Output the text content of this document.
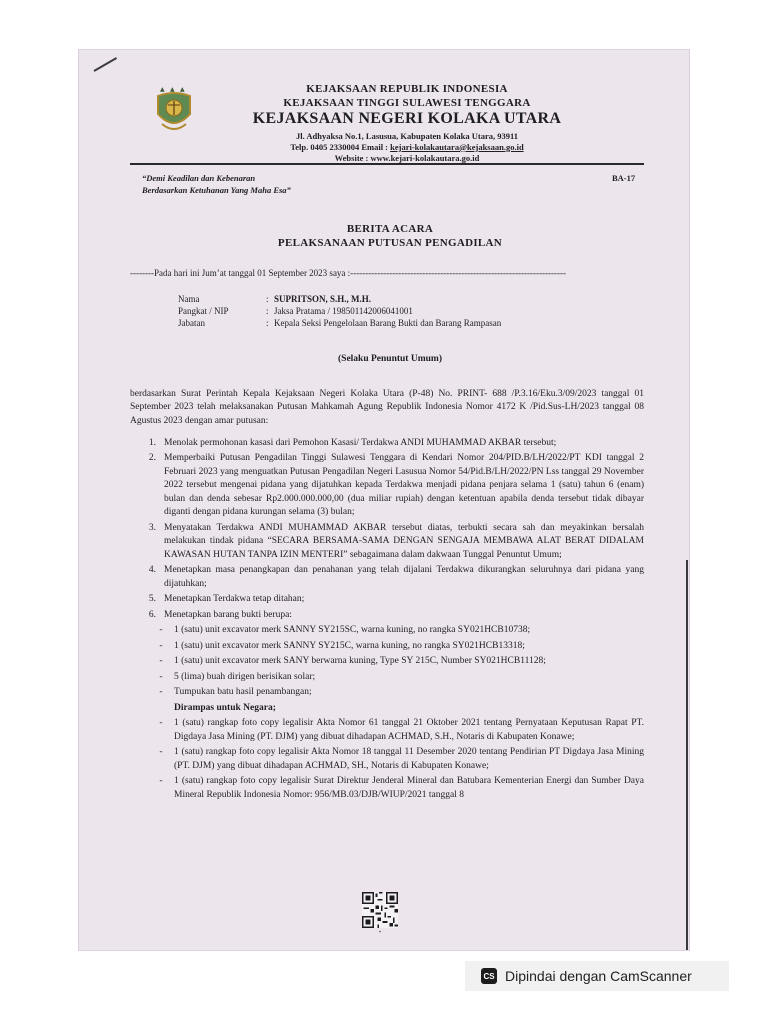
▲ ▲ ▲	KEJAKSAAN REPUBLIK INDONESIA
KEJAKSAAN TINGGI SULAWESI TENGGARA
KEJAKSAAN NEGERI KOLAKA UTARA
Jl. Adhyaksa No.1, Lasusua, Kabupaten Kolaka Utara, 93911
Telp. 0405 2330004 Email : kejari-kolakautara@kejaksaan.go.id
Website : www.kejari-kolakautara.go.id
“Demi Keadilan dan Kebenaran
Berdasarkan Ketuhanan Yang Maha Esa”
BA-17
BERITA ACARA
PELAKSANAAN PUTUSAN PENGADILAN
--------Pada hari ini Jum’at tanggal 01 September 2023 saya :------------------------------------------------------------------------
Nama	: SUPRITSON, S.H., M.H.
Pangkat / NIP	: Jaksa Pratama / 198501142006041001
Jabatan	: Kepala Seksi Pengelolaan Barang Bukti dan Barang Rampasan
(Selaku Penuntut Umum)
berdasarkan Surat Perintah Kepala Kejaksaan Negeri Kolaka Utara (P-48) No. PRINT- 688 /P.3.16/Eku.3/09/2023 tanggal 01 September 2023 telah melaksanakan Putusan Mahkamah Agung Republik Indonesia Nomor 4172 K /Pid.Sus-LH/2023 tanggal 08 Agustus 2023 dengan amar putusan:
1. Menolak permohonan kasasi dari Pemohon Kasasi/ Terdakwa ANDI MUHAMMAD AKBAR tersebut;
2. Memperbaiki Putusan Pengadilan Tinggi Sulawesi Tenggara di Kendari Nomor 204/PID.B/LH/2022/PT KDI tanggal 2 Februari 2023 yang menguatkan Putusan Pengadilan Negeri Lasusua Nomor 54/Pid.B/LH/2022/PN Lss tanggal 29 November 2022 tersebut mengenai pidana yang dijatuhkan kepada Terdakwa menjadi pidana penjara selama 1 (satu) tahun 6 (enam) bulan dan denda sebesar Rp2.000.000.000,00 (dua miliar rupiah) dengan ketentuan apabila denda tersebut tidak dibayar diganti dengan pidana kurungan selama (3) bulan;
3. Menyatakan Terdakwa ANDI MUHAMMAD AKBAR tersebut diatas, terbukti secara sah dan meyakinkan bersalah melakukan tindak pidana “SECARA BERSAMA-SAMA DENGAN SENGAJA MEMBAWA ALAT BERAT DIDALAM KAWASAN HUTAN TANPA IZIN MENTERI” sebagaimana dalam dakwaan Tunggal Penuntut Umum;
4. Menetapkan masa penangkapan dan penahanan yang telah dijalani Terdakwa dikurangkan seluruhnya dari pidana yang dijatuhkan;
5. Menetapkan Terdakwa tetap ditahan;
6. Menetapkan barang bukti berupa:
-	1 (satu) unit excavator merk SANNY SY215SC, warna kuning, no rangka SY021HCB10738;
-	1 (satu) unit excavator merk SANNY SY215C, warna kuning, no rangka SY021HCB13318;
-	1 (satu) unit excavator merk SANY berwarna kuning, Type SY 215C, Number SY021HCB11128;
-	5 (lima) buah dirigen berisikan solar;
-	Tumpukan batu hasil penambangan;
Dirampas untuk Negara;
-	1 (satu) rangkap foto copy legalisir Akta Nomor 61 tanggal 21 Oktober 2021 tentang Pernyataan Keputusan Rapat PT. Digdaya Jasa Mining (PT. DJM) yang dibuat dihadapan ACHMAD, S.H., Notaris di Kabupaten Konawe;
-	1 (satu) rangkap foto copy legalisir Akta Nomor 18 tanggal 11 Desember 2020 tentang Pendirian PT Digdaya Jasa Mining (PT. DJM) yang dibuat dihadapan ACHMAD, SH., Notaris di Kabupaten Konawe;
-	1 (satu) rangkap foto copy legalisir Surat Direktur Jenderal Mineral dan Batubara Kementerian Energi dan Sumber Daya Mineral Republik Indonesia Nomor: 956/MB.03/DJB/WIUP/2021 tanggal 8
✦
CS Dipindai dengan CamScanner
